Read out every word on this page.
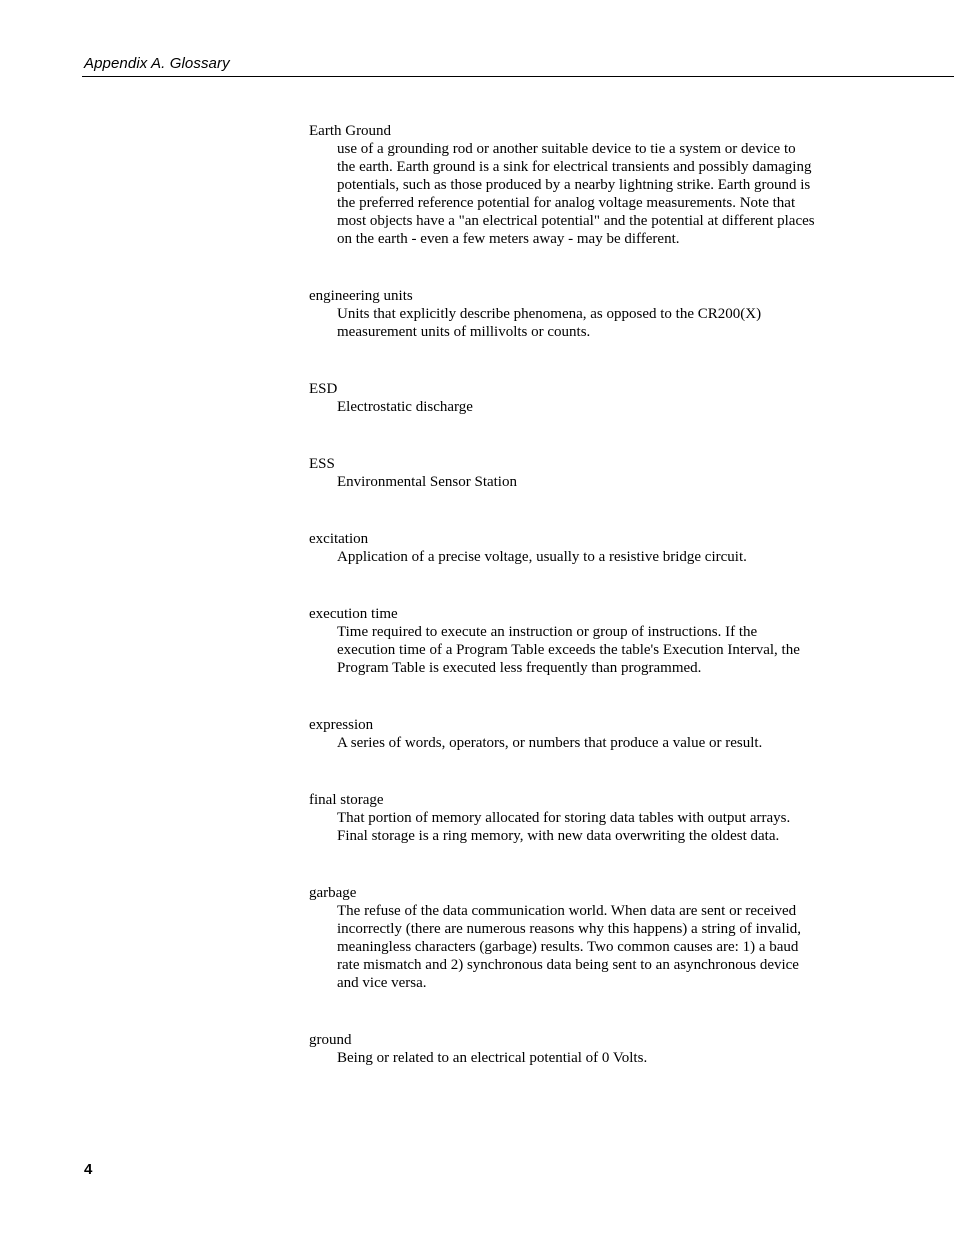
Appendix A. Glossary
Earth Ground
use of a grounding rod or another suitable device to tie a system or device to the earth. Earth ground is a sink for electrical transients and possibly damaging potentials, such as those produced by a nearby lightning strike. Earth ground is the preferred reference potential for analog voltage measurements. Note that most objects have a "an electrical potential" and the potential at different places on the earth - even a few meters away - may be different.
engineering units
Units that explicitly describe phenomena, as opposed to the CR200(X) measurement units of millivolts or counts.
ESD
Electrostatic discharge
ESS
Environmental Sensor Station
excitation
Application of a precise voltage, usually to a resistive bridge circuit.
execution time
Time required to execute an instruction or group of instructions. If the execution time of a Program Table exceeds the table's Execution Interval, the Program Table is executed less frequently than programmed.
expression
A series of words, operators, or numbers that produce a value or result.
final storage
That portion of memory allocated for storing data tables with output arrays. Final storage is a ring memory, with new data overwriting the oldest data.
garbage
The refuse of the data communication world. When data are sent or received incorrectly (there are numerous reasons why this happens) a string of invalid, meaningless characters (garbage) results. Two common causes are: 1) a baud rate mismatch and 2) synchronous data being sent to an asynchronous device and vice versa.
ground
Being or related to an electrical potential of 0 Volts.
4
